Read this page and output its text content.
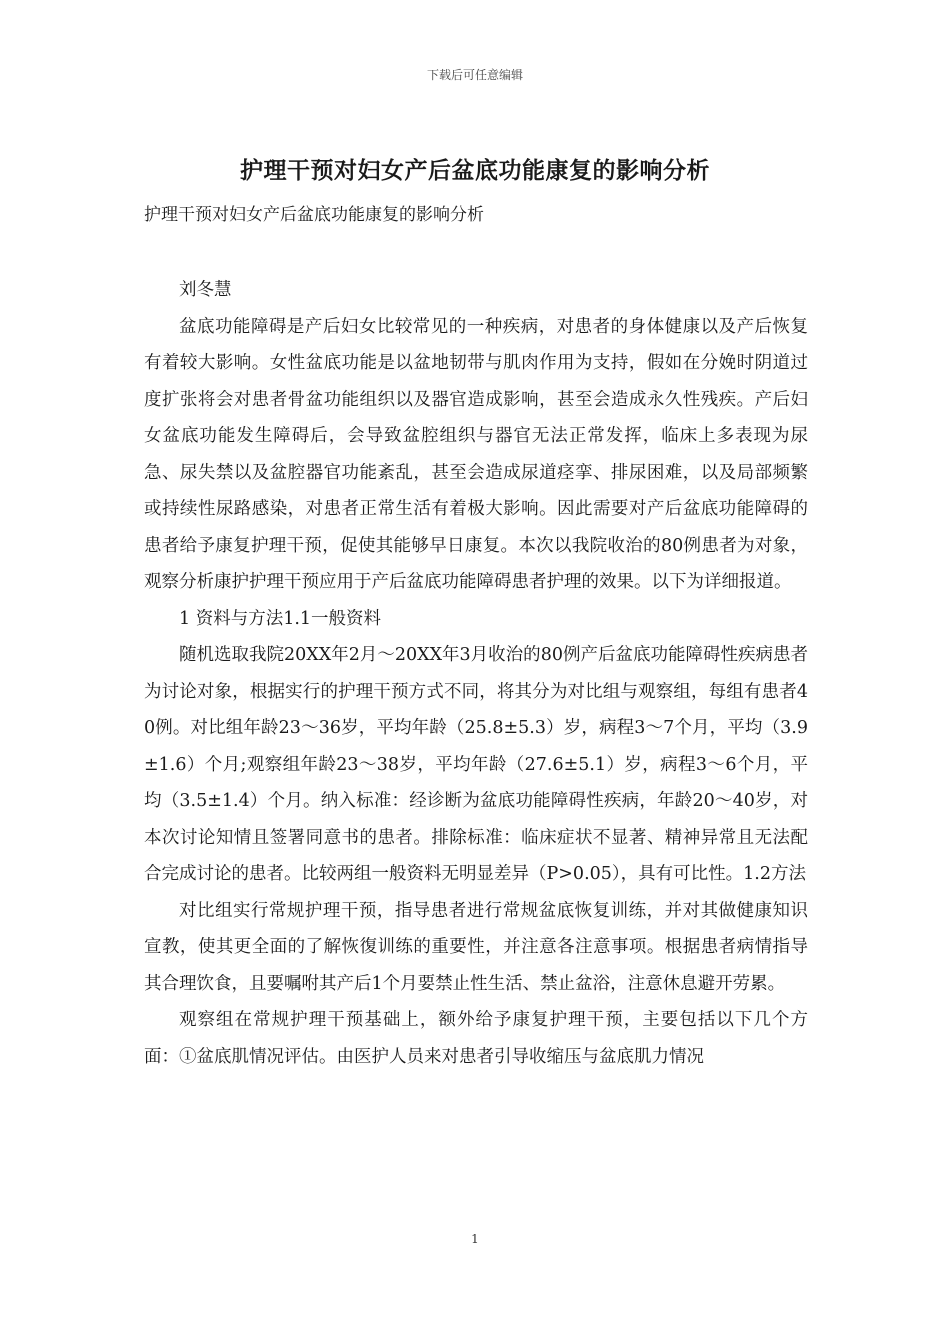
下载后可任意编辑
护理干预对妇女产后盆底功能康复的影响分析
护理干预对妇女产后盆底功能康复的影响分析

刘冬慧

盆底功能障碍是产后妇女比较常见的一种疾病，对患者的身体健康以及产后恢复有着较大影响。女性盆底功能是以盆地韧带与肌肉作用为支持，假如在分娩时阴道过度扩张将会对患者骨盆功能组织以及器官造成影响，甚至会造成永久性残疾。产后妇女盆底功能发生障碍后，会导致盆腔组织与器官无法正常发挥，临床上多表现为尿急、尿失禁以及盆腔器官功能紊乱，甚至会造成尿道痉挛、排尿困难，以及局部频繁或持续性尿路感染，对患者正常生活有着极大影响。因此需要对产后盆底功能障碍的患者给予康复护理干预，促使其能够早日康复。本次以我院收治的80例患者为对象，观察分析康护护理干预应用于产后盆底功能障碍患者护理的效果。以下为详细报道。

1 资料与方法1.1一般资料

随机选取我院20XX年2月～20XX年3月收治的80例产后盆底功能障碍性疾病患者为讨论对象，根据实行的护理干预方式不同，将其分为对比组与观察组，每组有患者40例。对比组年龄23～36岁，平均年龄（25.8±5.3）岁，病程3～7个月，平均（3.9±1.6）个月;观察组年龄23～38岁，平均年龄（27.6±5.1）岁，病程3～6个月，平均（3.5±1.4）个月。纳入标准：经诊断为盆底功能障碍性疾病，年龄20～40岁，对本次讨论知情且签署同意书的患者。排除标准：临床症状不显著、精神异常且无法配合完成讨论的患者。比较两组一般资料无明显差异（P>0.05），具有可比性。1.2方法

对比组实行常规护理干预，指导患者进行常规盆底恢复训练，并对其做健康知识宣教，使其更全面的了解恢復训练的重要性，并注意各注意事项。根据患者病情指导其合理饮食，且要嘱咐其产后1个月要禁止性生活、禁止盆浴，注意休息避开劳累。

观察组在常规护理干预基础上，额外给予康复护理干预，主要包括以下几个方面：①盆底肌情况评估。由医护人员来对患者引导收缩压与盆底肌力情况

1
